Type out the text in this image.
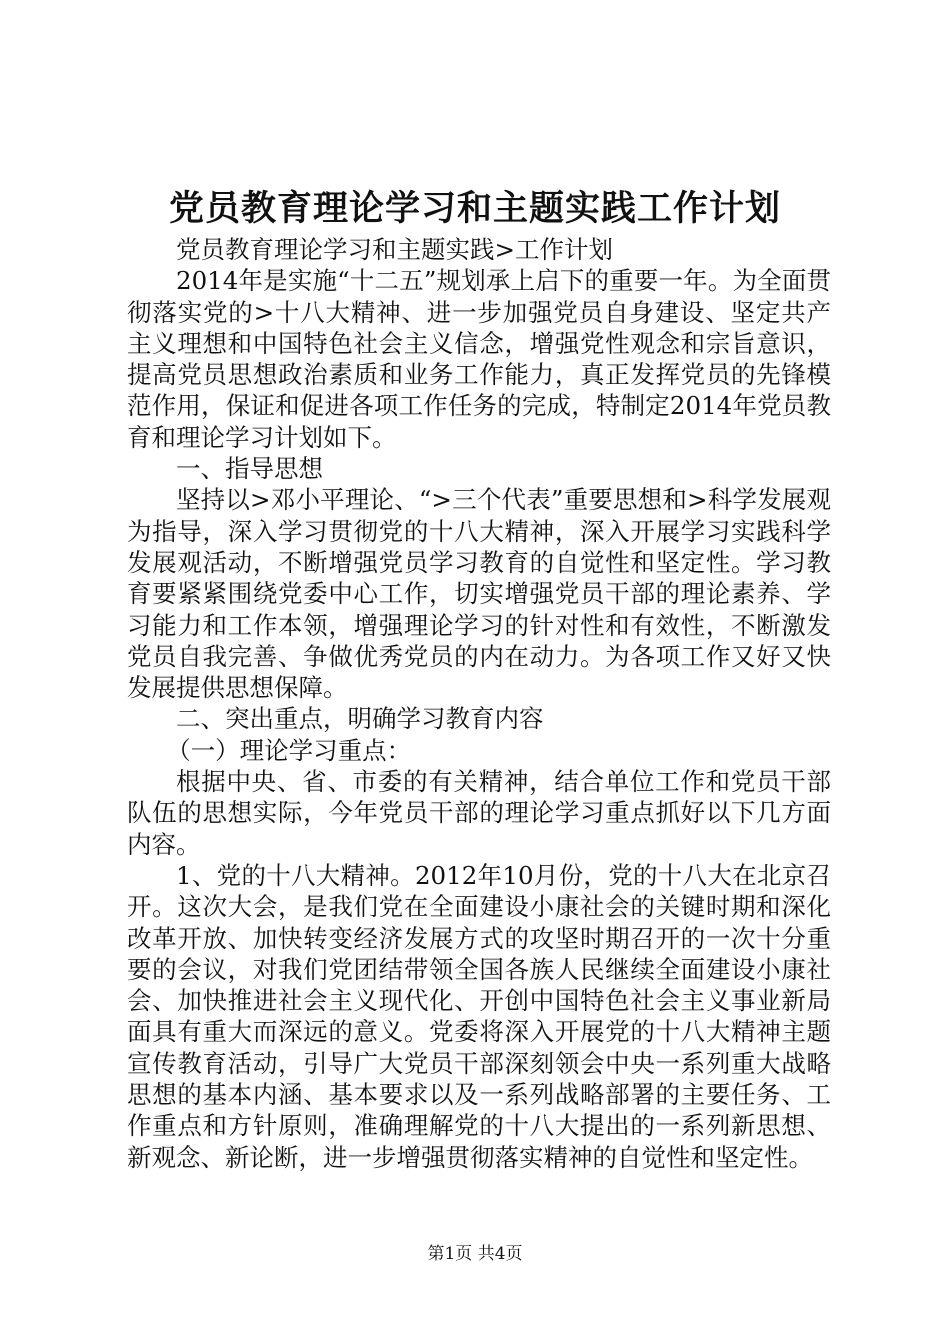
党员教育理论学习和主题实践工作计划

党员教育理论学习和主题实践>工作计划

2014年是实施“十二五”规划承上启下的重要一年。为全面贯彻落实党的>十八大精神、进一步加强党员自身建设、坚定共产主义理想和中国特色社会主义信念，增强党性观念和宗旨意识，提高党员思想政治素质和业务工作能力，真正发挥党员的先锋模范作用，保证和促进各项工作任务的完成，特制定2014年党员教育和理论学习计划如下。

一、指导思想

坚持以>邓小平理论、“>三个代表”重要思想和>科学发展观为指导，深入学习贯彻党的十八大精神，深入开展学习实践科学发展观活动，不断增强党员学习教育的自觉性和坚定性。学习教育要紧紧围绕党委中心工作，切实增强党员干部的理论素养、学习能力和工作本领，增强理论学习的针对性和有效性，不断激发党员自我完善、争做优秀党员的内在动力。为各项工作又好又快发展提供思想保障。

二、突出重点，明确学习教育内容

（一）理论学习重点：

根据中央、省、市委的有关精神，结合单位工作和党员干部队伍的思想实际，今年党员干部的理论学习重点抓好以下几方面内容。

1、党的十八大精神。2012年10月份，党的十八大在北京召开。这次大会，是我们党在全面建设小康社会的关键时期和深化改革开放、加快转变经济发展方式的攻坚时期召开的一次十分重要的会议，对我们党团结带领全国各族人民继续全面建设小康社会、加快推进社会主义现代化、开创中国特色社会主义事业新局面具有重大而深远的意义。党委将深入开展党的十八大精神主题宣传教育活动，引导广大党员干部深刻领会中央一系列重大战略思想的基本内涵、基本要求以及一系列战略部署的主要任务、工作重点和方针原则，准确理解党的十八大提出的一系列新思想、新观念、新论断，进一步增强贯彻落实精神的自觉性和坚定性。

第1页 共4页
